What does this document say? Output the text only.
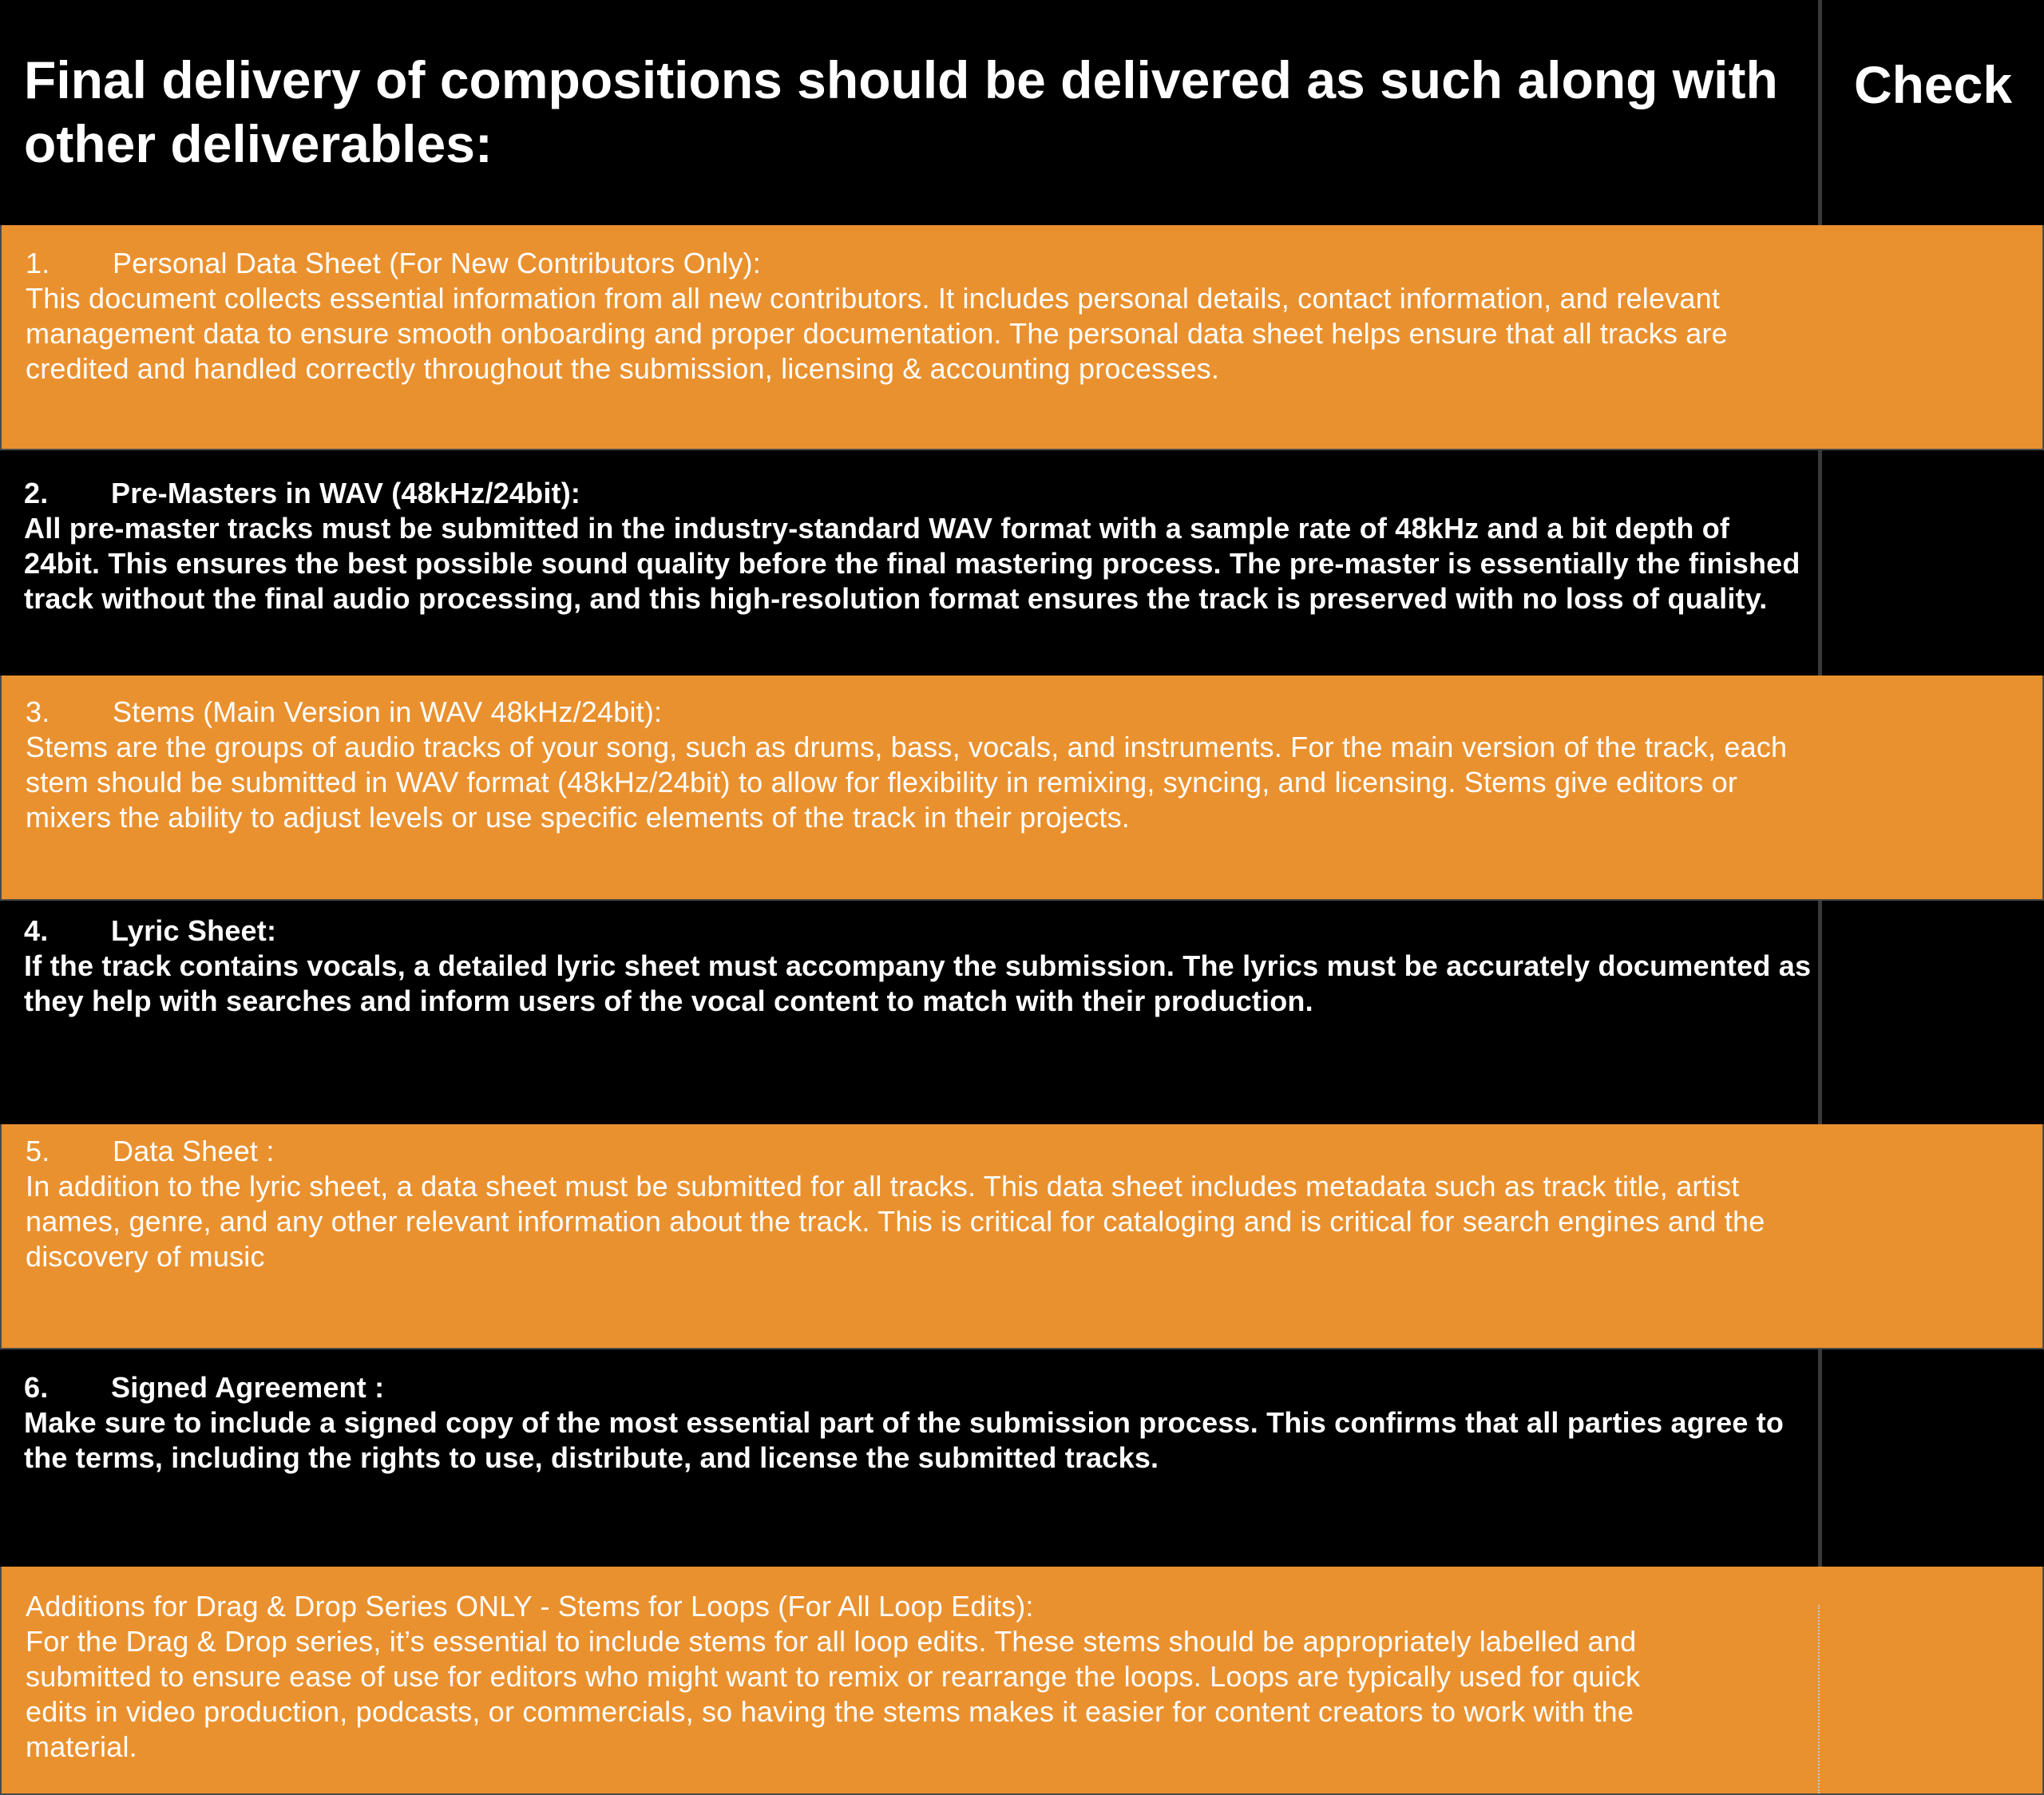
Final delivery of compositions should be delivered as such along with other deliverables:
Check
1. Personal Data Sheet (For New Contributors Only):
This document collects essential information from all new contributors. It includes personal details, contact information, and relevant management data to ensure smooth onboarding and proper documentation. The personal data sheet helps ensure that all tracks are credited and handled correctly throughout the submission, licensing & accounting processes.
2. Pre-Masters in WAV (48kHz/24bit):
All pre-master tracks must be submitted in the industry-standard WAV format with a sample rate of 48kHz and a bit depth of 24bit. This ensures the best possible sound quality before the final mastering process. The pre-master is essentially the finished track without the final audio processing, and this high-resolution format ensures the track is preserved with no loss of quality.
3. Stems (Main Version in WAV 48kHz/24bit):
Stems are the groups of audio tracks of your song, such as drums, bass, vocals, and instruments. For the main version of the track, each stem should be submitted in WAV format (48kHz/24bit) to allow for flexibility in remixing, syncing, and licensing. Stems give editors or mixers the ability to adjust levels or use specific elements of the track in their projects.
4. Lyric Sheet:
If the track contains vocals, a detailed lyric sheet must accompany the submission. The lyrics must be accurately documented as they help with searches and inform users of the vocal content to match with their production.
5. Data Sheet :
In addition to the lyric sheet, a data sheet must be submitted for all tracks. This data sheet includes metadata such as track title, artist names, genre, and any other relevant information about the track. This is critical for cataloging and is critical for search engines and the discovery of music
6. Signed Agreement :
Make sure to include a signed copy of the most essential part of the submission process. This confirms that all parties agree to the terms, including the rights to use, distribute, and license the submitted tracks.
Additions for Drag & Drop Series ONLY - Stems for Loops (For All Loop Edits):
For the Drag & Drop series, it’s essential to include stems for all loop edits. These stems should be appropriately labelled and submitted to ensure ease of use for editors who might want to remix or rearrange the loops. Loops are typically used for quick edits in video production, podcasts, or commercials, so having the stems makes it easier for content creators to work with the material.
